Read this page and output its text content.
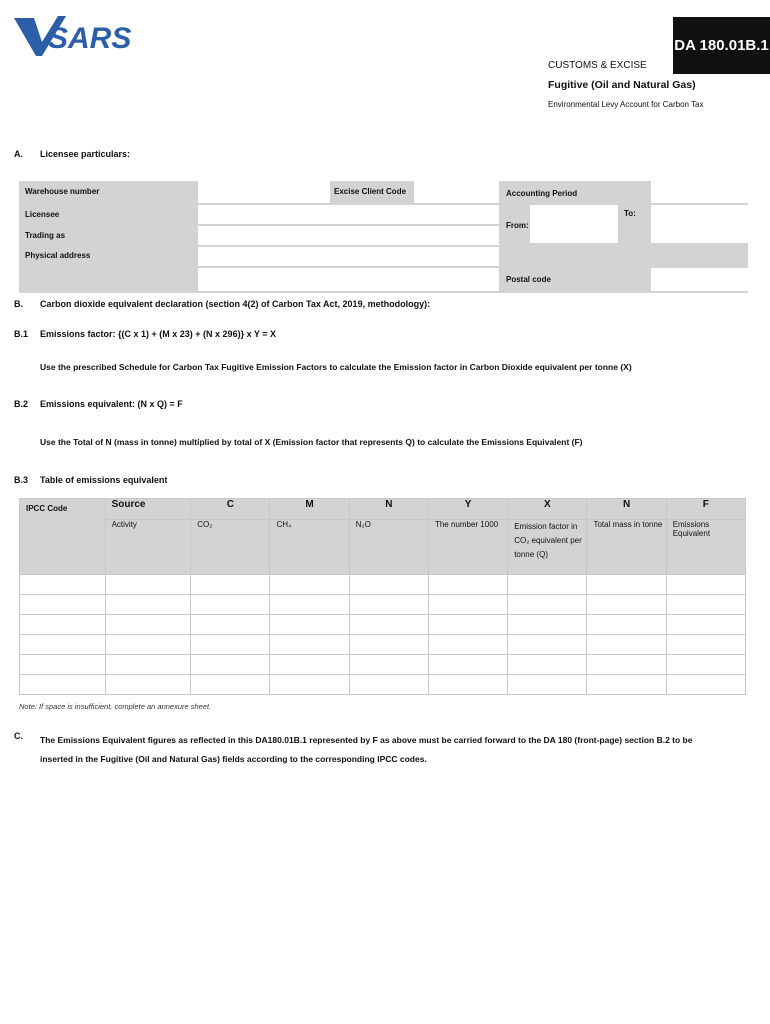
SARS	DA 180.01B.1
CUSTOMS & EXCISE
Fugitive (Oil and Natural Gas)
Environmental Levy Account for Carbon Tax
A. Licensee particulars:
Warehouse number	Excise Client Code	Accounting Period
Licensee
Trading as
Physical address
From:
To:
Postal code
B. Carbon dioxide equivalent declaration (section 4(2) of Carbon Tax Act, 2019, methodology):
B.1 Emissions factor: {(C x 1) + (M x 23) + (N x 296)} x Y = X
Use the prescribed Schedule for Carbon Tax Fugitive Emission Factors to calculate the Emission factor in Carbon Dioxide equivalent per tonne (X)
B.2 Emissions equivalent: (N x Q) = F
Use the Total of N (mass in tonne) multiplied by total of X (Emission factor that represents Q) to calculate the Emissions Equivalent (F)
B.3 Table of emissions equivalent
IPCC Code	Source	C	M	N	Y	X	N	F
	Activity	CO₂	CH₄	N₂O	The number 1000	Emission factor in CO₂ equivalent per tonne (Q)	Total mass in tonne	Emissions Equivalent

Note: If space is insufficient, complete an annexure sheet.
C. The Emissions Equivalent figures as reflected in this DA180.01B.1 represented by F as above must be carried forward to the DA 180 (front-page) section B.2 to be inserted in the Fugitive (Oil and Natural Gas) fields according to the corresponding IPCC codes.
